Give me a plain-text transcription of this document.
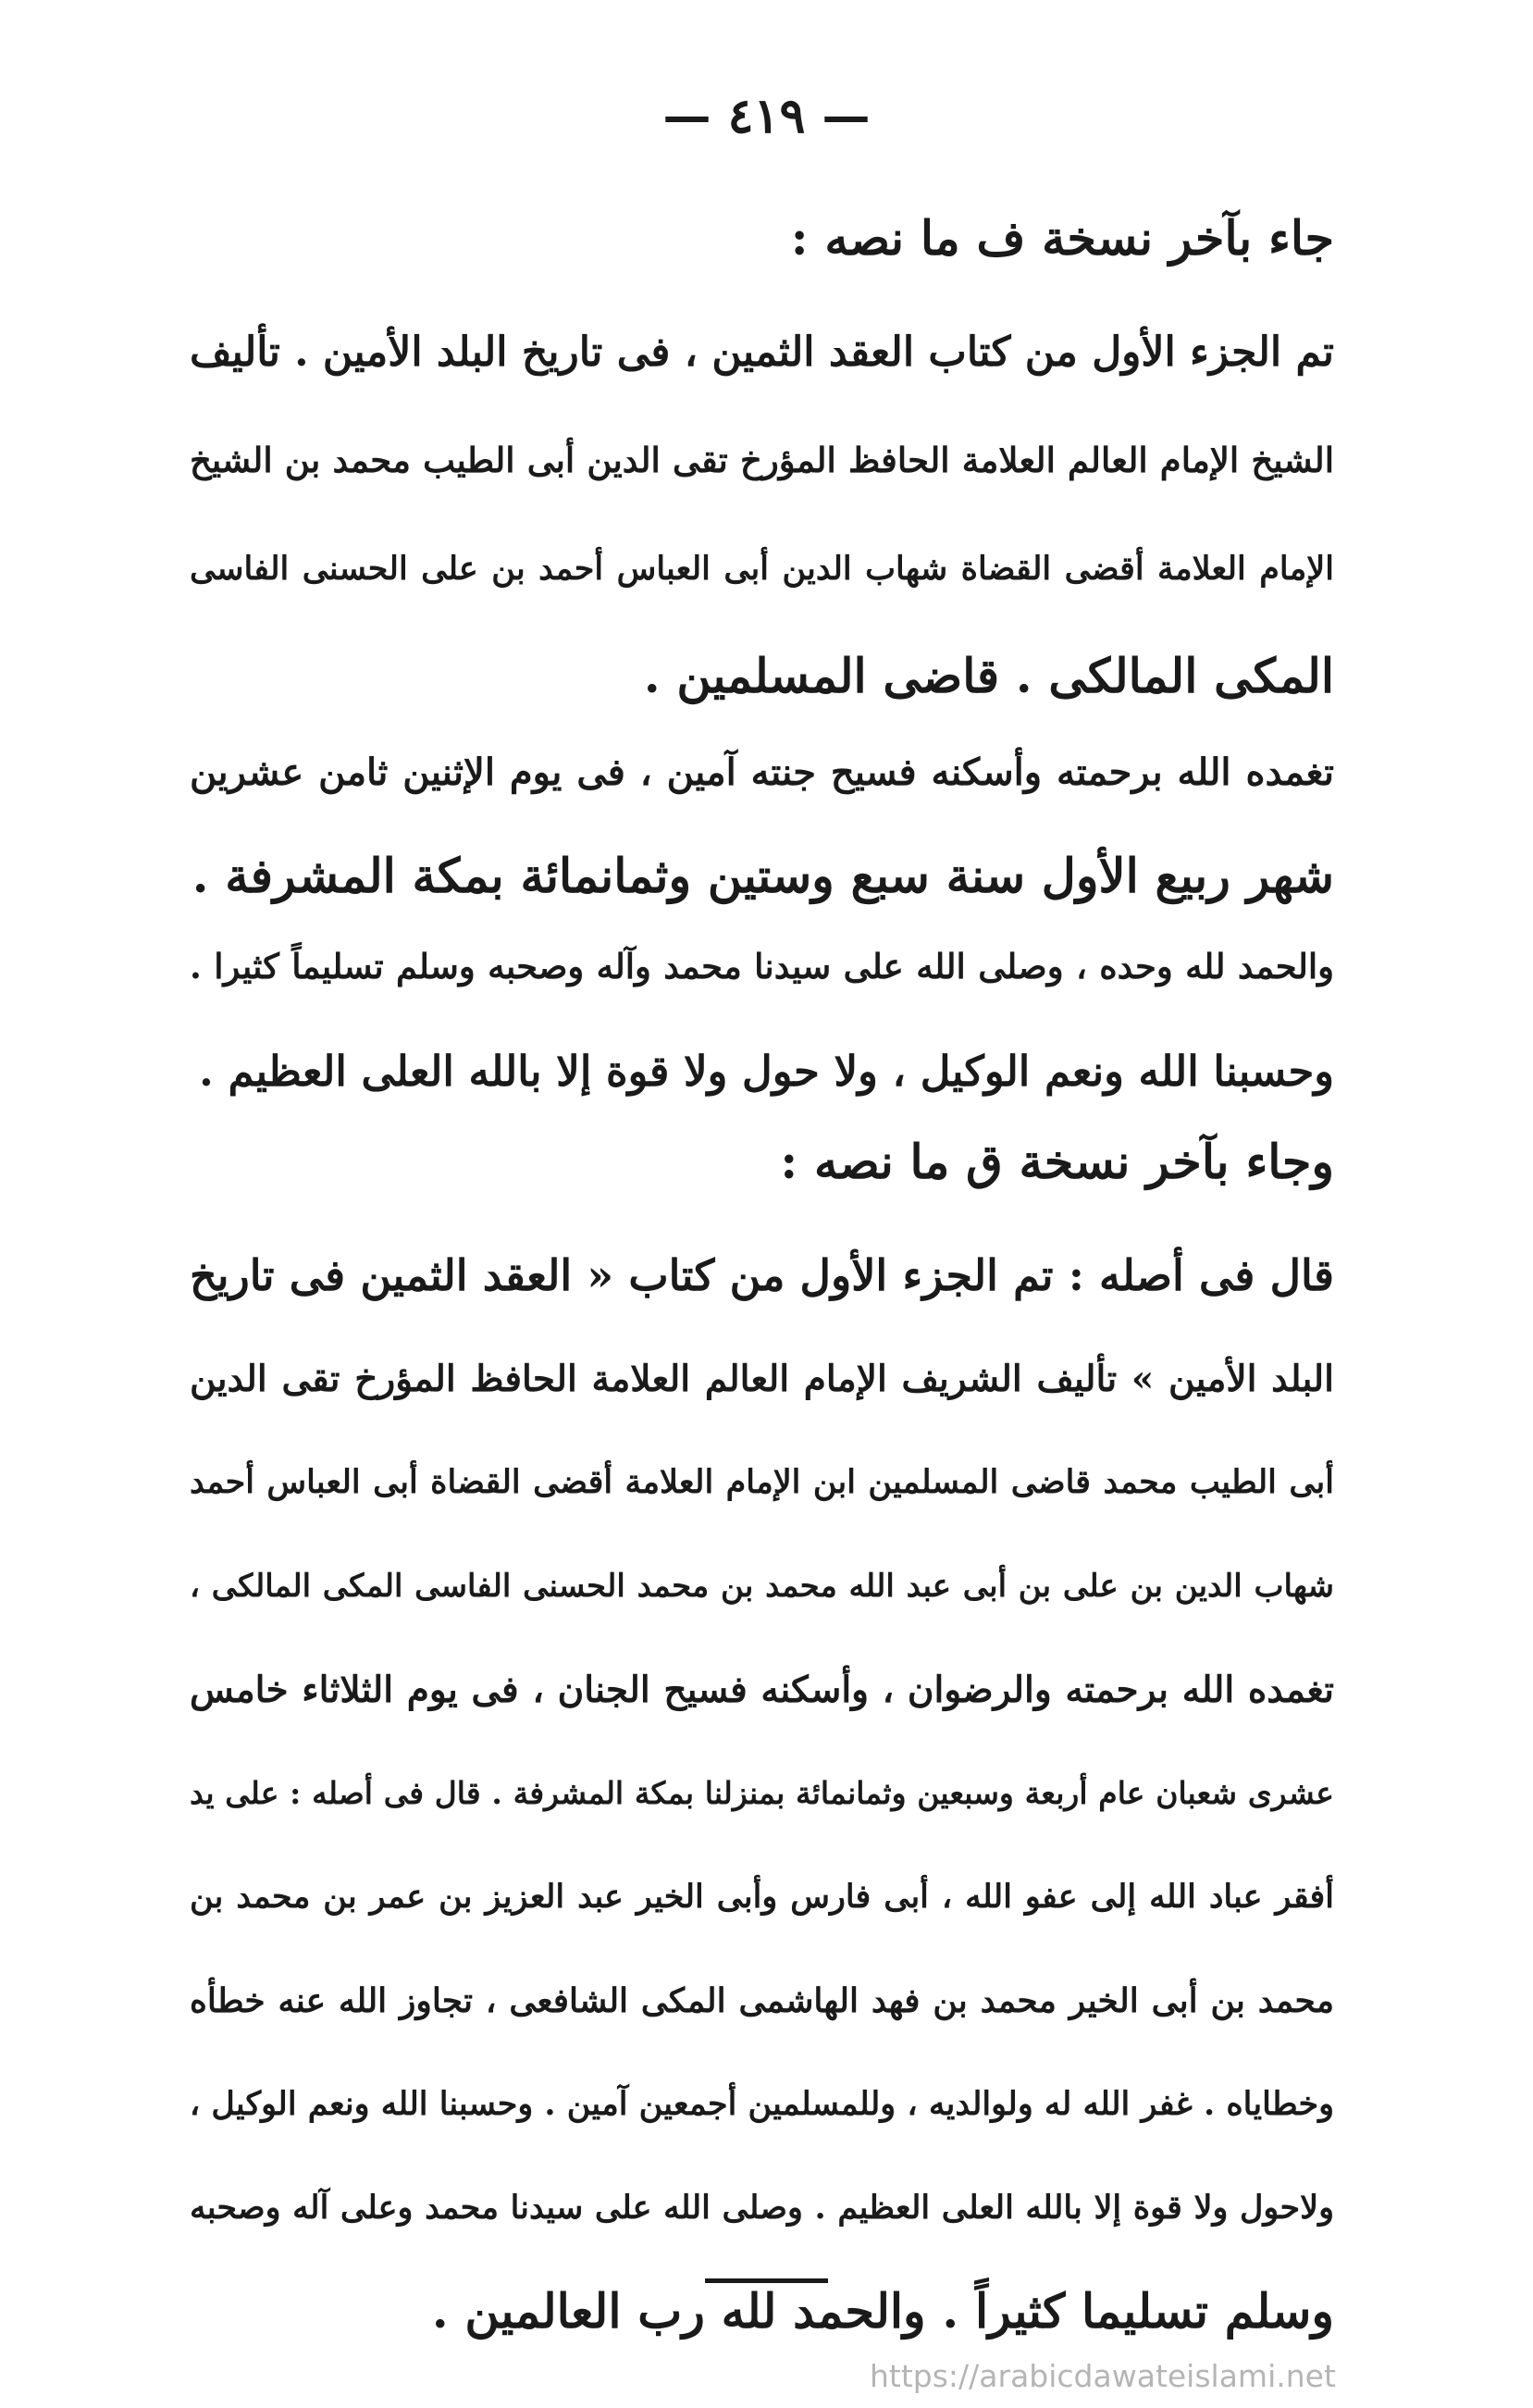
— ٤١٩ —
جاء بآخر نسخة ف ما نصه :
تم الجزء الأول من كتاب العقد الثمين ، فى تاريخ البلد الأمين . تأليف
الشيخ الإمام العالم العلامة الحافظ المؤرخ تقى الدين أبى الطيب محمد بن الشيخ
الإمام العلامة أقضى القضاة شهاب الدين أبى العباس أحمد بن على الحسنى الفاسى
المكى المالكى . قاضى المسلمين .
تغمده الله برحمته وأسكنه فسيح جنته آمين ، فى يوم الإثنين ثامن عشرين
شهر ربيع الأول سنة سبع وستين وثمانمائة بمكة المشرفة .
والحمد لله وحده ، وصلى الله على سيدنا محمد وآله وصحبه وسلم تسليماً كثيرا .
وحسبنا الله ونعم الوكيل ، ولا حول ولا قوة إلا بالله العلى العظيم .
وجاء بآخر نسخة ق ما نصه :
قال فى أصله : تم الجزء الأول من كتاب « العقد الثمين فى تاريخ
البلد الأمين » تأليف الشريف الإمام العالم العلامة الحافظ المؤرخ تقى الدين
أبى الطيب محمد قاضى المسلمين ابن الإمام العلامة أقضى القضاة أبى العباس أحمد
شهاب الدين بن على بن أبى عبد الله محمد بن محمد الحسنى الفاسى المكى المالكى ،
تغمده الله برحمته والرضوان ، وأسكنه فسيح الجنان ، فى يوم الثلاثاء خامس
عشرى شعبان عام أربعة وسبعين وثمانمائة بمنزلنا بمكة المشرفة . قال فى أصله : على يد
أفقر عباد الله إلى عفو الله ، أبى فارس وأبى الخير عبد العزيز بن عمر بن محمد بن
محمد بن أبى الخير محمد بن فهد الهاشمى المكى الشافعى ، تجاوز الله عنه خطأه
وخطاياه . غفر الله له ولوالديه ، وللمسلمين أجمعين آمين . وحسبنا الله ونعم الوكيل ،
ولاحول ولا قوة إلا بالله العلى العظيم . وصلى الله على سيدنا محمد وعلى آله وصحبه
وسلم تسليما كثيراً . والحمد لله رب العالمين .
https://arabicdawateislami.net
